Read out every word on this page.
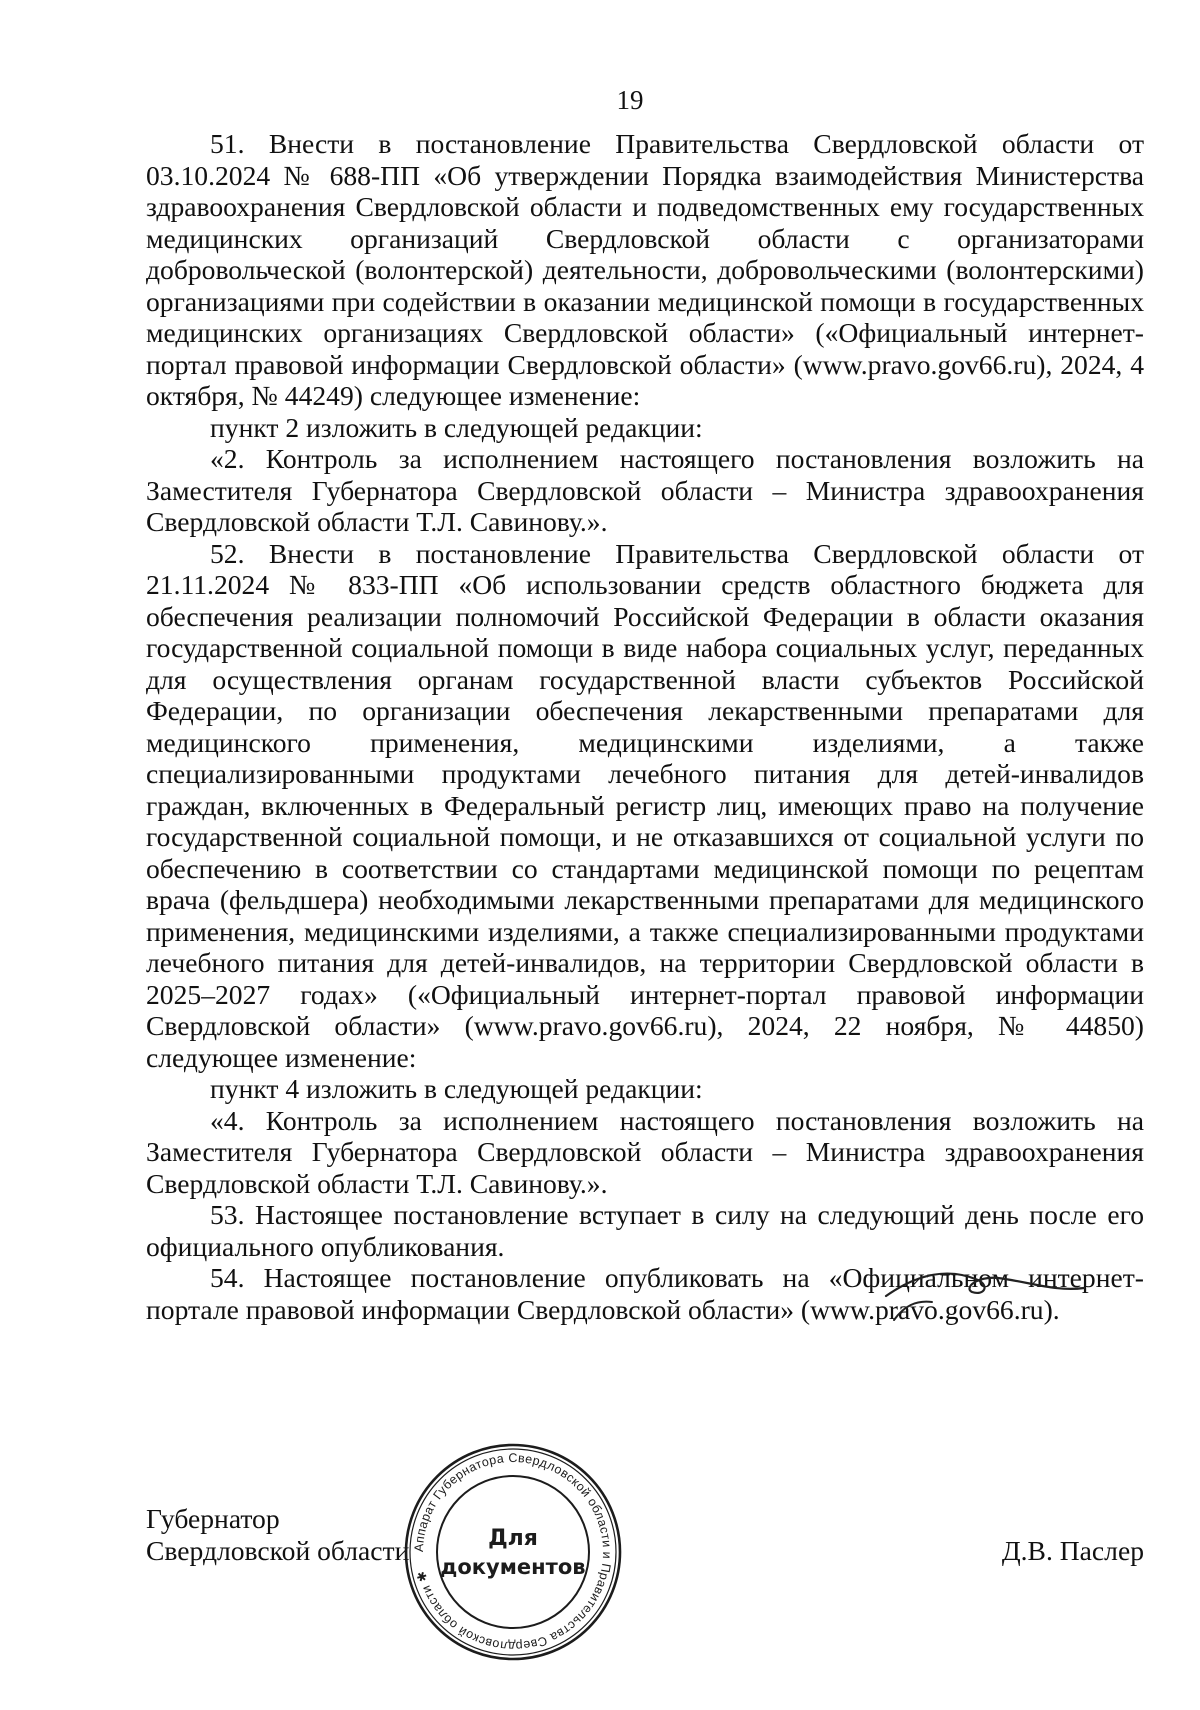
19

51. Внести в постановление Правительства Свердловской области от 03.10.2024 № 688-ПП «Об утверждении Порядка взаимодействия Министерства здравоохранения Свердловской области и подведомственных ему государственных медицинских организаций Свердловской области с организаторами добровольческой (волонтерской) деятельности, добровольческими (волонтерскими) организациями при содействии в оказании медицинской помощи в государственных медицинских организациях Свердловской области» («Официальный интернет-портал правовой информации Свердловской области» (www.pravo.gov66.ru), 2024, 4 октября, № 44249) следующее изменение:

пункт 2 изложить в следующей редакции:

«2. Контроль за исполнением настоящего постановления возложить на Заместителя Губернатора Свердловской области – Министра здравоохранения Свердловской области Т.Л. Савинову.».

52. Внести в постановление Правительства Свердловской области от 21.11.2024 № 833-ПП «Об использовании средств областного бюджета для обеспечения реализации полномочий Российской Федерации в области оказания государственной социальной помощи в виде набора социальных услуг, переданных для осуществления органам государственной власти субъектов Российской Федерации, по организации обеспечения лекарственными препаратами для медицинского применения, медицинскими изделиями, а также специализированными продуктами лечебного питания для детей-инвалидов граждан, включенных в Федеральный регистр лиц, имеющих право на получение государственной социальной помощи, и не отказавшихся от социальной услуги по обеспечению в соответствии со стандартами медицинской помощи по рецептам врача (фельдшера) необходимыми лекарственными препаратами для медицинского применения, медицинскими изделиями, а также специализированными продуктами лечебного питания для детей-инвалидов, на территории Свердловской области в 2025–2027 годах» («Официальный интернет-портал правовой информации Свердловской области» (www.pravo.gov66.ru), 2024, 22 ноября, № 44850) следующее изменение:

пункт 4 изложить в следующей редакции:

«4. Контроль за исполнением настоящего постановления возложить на Заместителя Губернатора Свердловской области – Министра здравоохранения Свердловской области Т.Л. Савинову.».

53. Настоящее постановление вступает в силу на следующий день после его официального опубликования.

54. Настоящее постановление опубликовать на «Официальном интернет-портале правовой информации Свердловской области» (www.pravo.gov66.ru).

Губернатор
Свердловской области	Д.В. Паслер
Аппарат Губернатора Свердловской области и Правительства Свердловской области ✱
Для
документов
